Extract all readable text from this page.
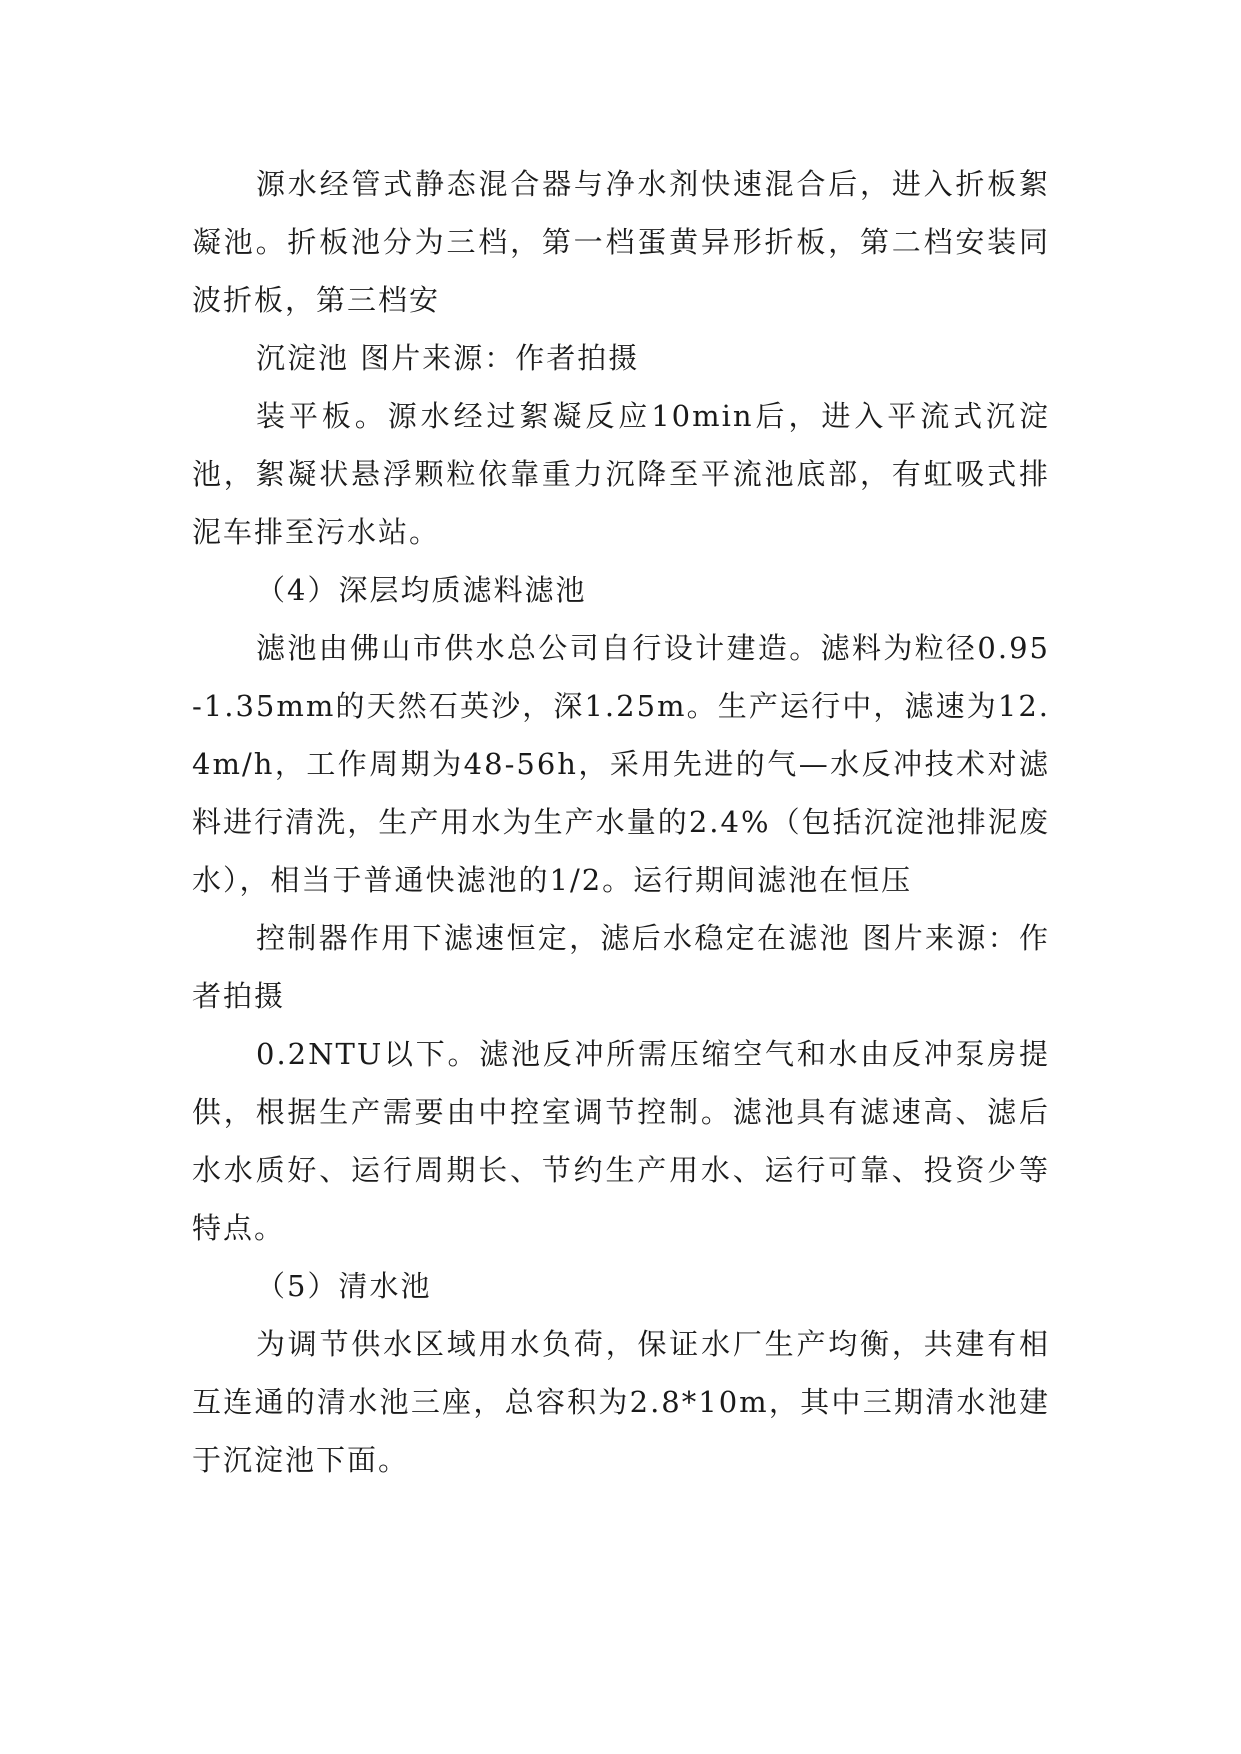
源水经管式静态混合器与净水剂快速混合后，进入折板絮凝池。折板池分为三档，第一档蛋黄异形折板，第二档安装同波折板，第三档安

沉淀池 图片来源：作者拍摄

装平板。源水经过絮凝反应10min后，进入平流式沉淀池，絮凝状悬浮颗粒依靠重力沉降至平流池底部，有虹吸式排泥车排至污水站。

（4）深层均质滤料滤池

滤池由佛山市供水总公司自行设计建造。滤料为粒径0.95-1.35mm的天然石英沙，深1.25m。生产运行中，滤速为12.4m/h，工作周期为48-56h，采用先进的气—水反冲技术对滤料进行清洗，生产用水为生产水量的2.4%（包括沉淀池排泥废水），相当于普通快滤池的1/2。运行期间滤池在恒压

控制器作用下滤速恒定，滤后水稳定在滤池 图片来源：作者拍摄

0.2NTU以下。滤池反冲所需压缩空气和水由反冲泵房提供，根据生产需要由中控室调节控制。滤池具有滤速高、滤后水水质好、运行周期长、节约生产用水、运行可靠、投资少等特点。

（5）清水池

为调节供水区域用水负荷，保证水厂生产均衡，共建有相互连通的清水池三座，总容积为2.8*10m，其中三期清水池建于沉淀池下面。
